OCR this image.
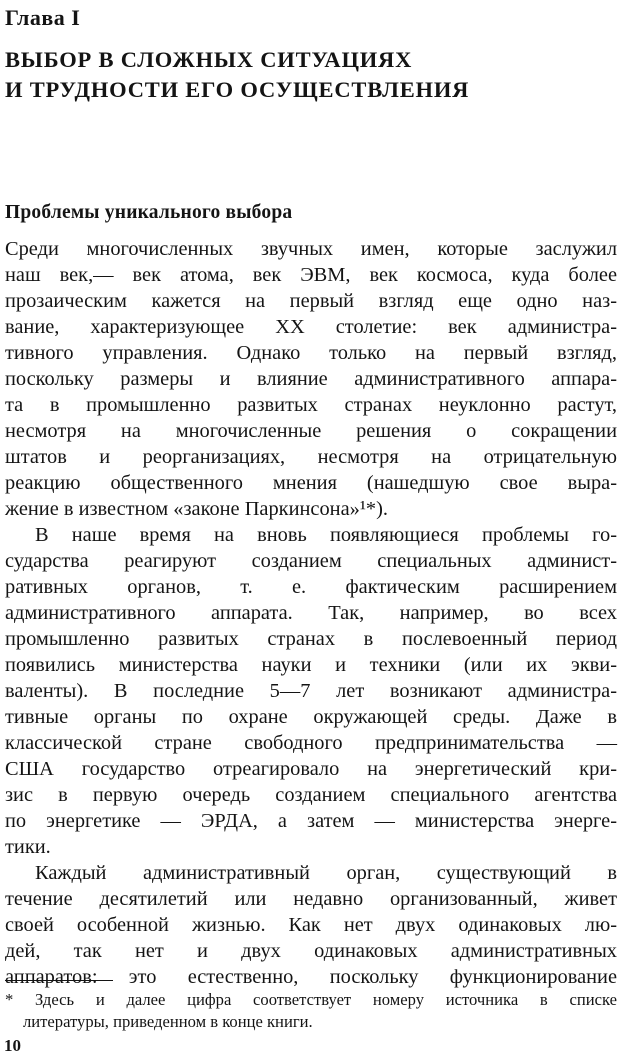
Глава I
ВЫБОР В СЛОЖНЫХ СИТУАЦИЯХ
И ТРУДНОСТИ ЕГО ОСУЩЕСТВЛЕНИЯ
Проблемы уникального выбора
Среди многочисленных звучных имен, которые заслужил
наш век,— век атома, век ЭВМ, век космоса, куда более
прозаическим кажется на первый взгляд еще одно наз-
вание, характеризующее XX столетие: век администра-
тивного управления. Однако только на первый взгляд,
поскольку размеры и влияние административного аппара-
та в промышленно развитых странах неуклонно растут,
несмотря на многочисленные решения о сокращении
штатов и реорганизациях, несмотря на отрицательную
реакцию общественного мнения (нашедшую свое выра-
жение в известном «законе Паркинсона»¹*).
В наше время на вновь появляющиеся проблемы го-
сударства реагируют созданием специальных админист-
ративных органов, т. е. фактическим расширением
административного аппарата. Так, например, во всех
промышленно развитых странах в послевоенный период
появились министерства науки и техники (или их экви-
валенты). В последние 5—7 лет возникают администра-
тивные органы по охране окружающей среды. Даже в
классической стране свободного предпринимательства —
США государство отреагировало на энергетический кри-
зис в первую очередь созданием специального агентства
по энергетике — ЭРДА, а затем — министерства энерге-
тики.
Каждый административный орган, существующий в
течение десятилетий или недавно организованный, живет
своей особенной жизнью. Как нет двух одинаковых лю-
дей, так нет и двух одинаковых административных
аппаратов: это естественно, поскольку функционирование
* Здесь и далее цифра соответствует номеру источника в списке
литературы, приведенном в конце книги.
10
